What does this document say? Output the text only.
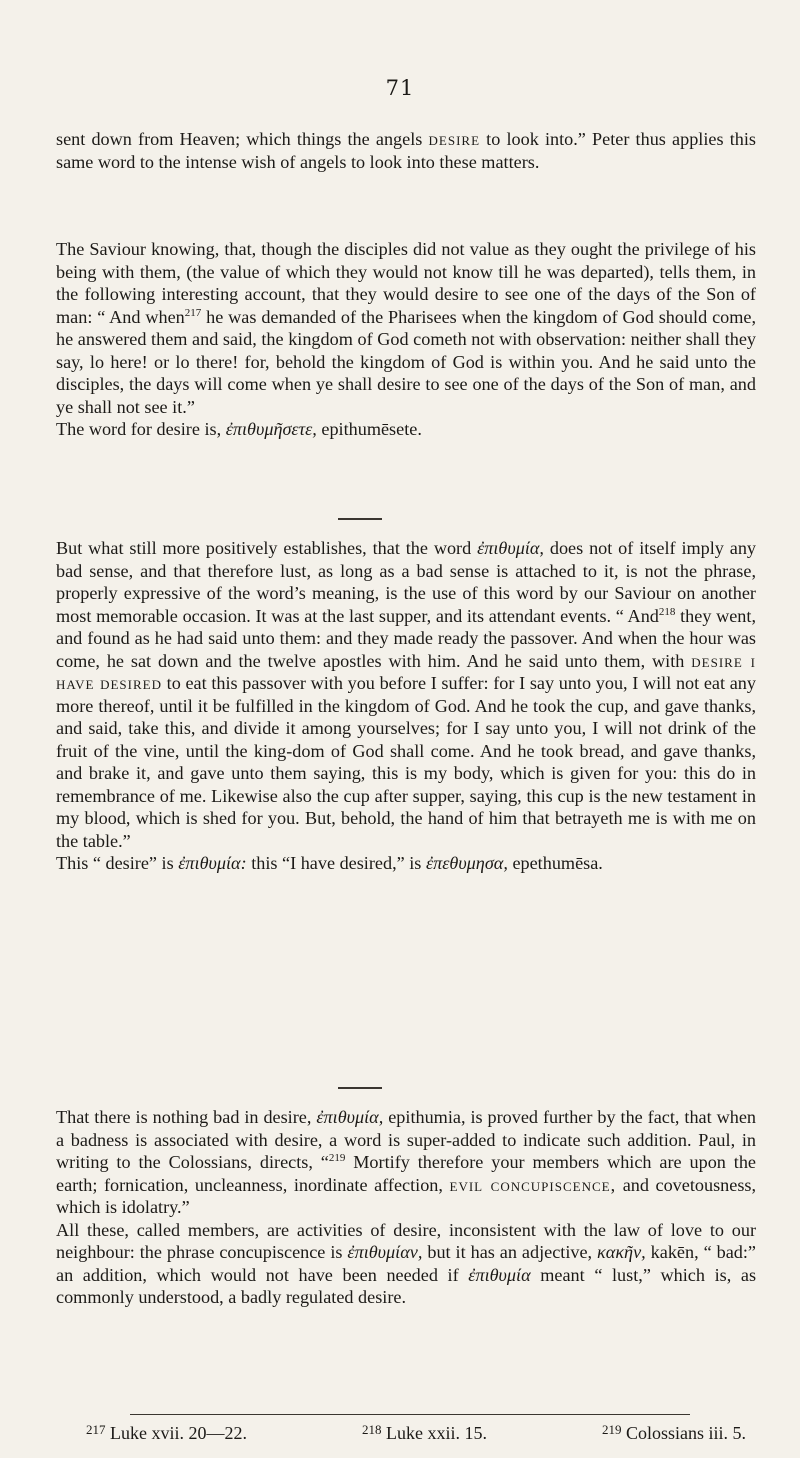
71

sent down from Heaven; which things the angels desire to look into.” Peter thus applies this same word to the intense wish of angels to look into these matters.

The Saviour knowing, that, though the disciples did not value as they ought the privilege of his being with them, (the value of which they would not know till he was departed), tells them, in the following interesting account, that they would desire to see one of the days of the Son of man: “ And when$^{217}$ he was demanded of the Pharisees when the kingdom of God should come, he answered them and said, the kingdom of God cometh not with observation: neither shall they say, lo here! or lo there! for, behold the kingdom of God is within you. And he said unto the disciples, the days will come when ye shall desire to see one of the days of the Son of man, and ye shall not see it.”

The word for desire is, ἐπιθυμῆσετε, epithumēsete.

But what still more positively establishes, that the word ἐπιθυμία, does not of itself imply any bad sense, and that therefore lust, as long as a bad sense is attached to it, is not the phrase, properly expressive of the word’s meaning, is the use of this word by our Saviour on another most memorable occasion. It was at the last supper, and its attendant events. “ And$^{218}$ they went, and found as he had said unto them: and they made ready the passover. And when the hour was come, he sat down and the twelve apostles with him. And he said unto them, with desire i have desired to eat this passover with you before I suffer: for I say unto you, I will not eat any more thereof, until it be fulfilled in the kingdom of God. And he took the cup, and gave thanks, and said, take this, and divide it among yourselves; for I say unto you, I will not drink of the fruit of the vine, until the king-dom of God shall come. And he took bread, and gave thanks, and brake it, and gave unto them saying, this is my body, which is given for you: this do in remembrance of me. Likewise also the cup after supper, saying, this cup is the new testament in my blood, which is shed for you. But, behold, the hand of him that betrayeth me is with me on the table.”

This “ desire” is ἐπιθυμία: this “I have desired,” is ἐπεθυμησα, epethumēsa.

That there is nothing bad in desire, ἐπιθυμία, epithumia, is proved further by the fact, that when a badness is associated with desire, a word is super-added to indicate such addition. Paul, in writing to the Colossians, directs, “$^{219}$ Mortify therefore your members which are upon the earth; fornication, uncleanness, inordinate affection, evil concupiscence, and covetousness, which is idolatry.”

All these, called members, are activities of desire, inconsistent with the law of love to our neighbour: the phrase concupiscence is ἐπιθυμίαν, but it has an adjective, κακῆν, kakēn, “ bad:” an addition, which would not have been needed if ἐπιθυμία meant “ lust,” which is, as commonly understood, a badly regulated desire.

$^{217}$ Luke xvii. 20—22.	$^{218}$ Luke xxii. 15.	$^{219}$ Colossians iii. 5.
